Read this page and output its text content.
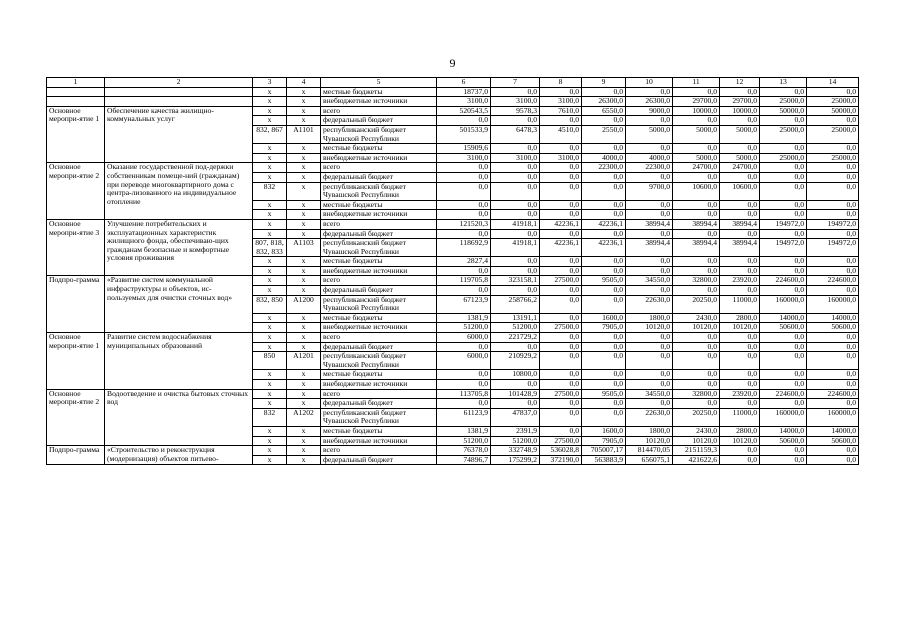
9
1	2	3	4	5	6	7	8	9	10	11	12	13	14
		х	х	местные бюджеты	18737,0	0,0	0,0	0,0	0,0	0,0	0,0	0,0	0,0
		х	х	внебюджетные источники	3100,0	3100,0	3100,0	26300,0	26300,0	29700,0	29700,0	25000,0	25000,0
Основное меропри-ятие 1	Обеспечение качества жилищно-коммунальных услуг	х	х	всего	520543,5	9578,3	7610,0	6550,0	9000,0	10000,0	10000,0	50000,0	50000,0
		х	х	федеральный бюджет	0,0	0,0	0,0	0,0	0,0	0,0	0,0	0,0	0,0
		832, 867	А1101	республиканский бюджет Чувашской Республики	501533,9	6478,3	4510,0	2550,0	5000,0	5000,0	5000,0	25000,0	25000,0
		х	х	местные бюджеты	15909,6	0,0	0,0	0,0	0,0	0,0	0,0	0,0	0,0
		х	х	внебюджетные источники	3100,0	3100,0	3100,0	4000,0	4000,0	5000,0	5000,0	25000,0	25000,0
Основное меропри-ятие 2	Оказание государственной под-держки собственникам помеще-ний (гражданам) при переводе многоквартирного дома с центра-лизованного на индивидуальное отопление	х	х	всего	0,0	0,0	0,0	22300,0	22300,0	24700,0	24700,0	0,0	0,0
		х	х	федеральный бюджет	0,0	0,0	0,0	0,0	0,0	0,0	0,0	0,0	0,0
		832	х	республиканский бюджет Чувашской Республики	0,0	0,0	0,0	0,0	9700,0	10600,0	10600,0	0,0	0,0
		х	х	местные бюджеты	0,0	0,0	0,0	0,0	0,0	0,0	0,0	0,0	0,0
		х	х	внебюджетные источники	0,0	0,0	0,0	0,0	0,0	0,0	0,0	0,0	0,0
Основное меропри-ятие 3	Улучшение потребительских и эксплуатационных характеристик жилищного фонда, обеспечиваю-щих гражданам безопасные и комфортные условия проживания	х	х	всего	121520,3	41918,1	42236,1	42236,1	38994,4	38994,4	38994,4	194972,0	194972,0
		х	х	федеральный бюджет	0,0	0,0	0,0	0,0	0,0	0,0	0,0	0,0	0,0
		807, 818, 832, 833	А1103	республиканский бюджет Чувашской Республики	118692,9	41918,1	42236,1	42236,1	38994,4	38994,4	38994,4	194972,0	194972,0
		х	х	местные бюджеты	2827,4	0,0	0,0	0,0	0,0	0,0	0,0	0,0	0,0
		х	х	внебюджетные источники	0,0	0,0	0,0	0,0	0,0	0,0	0,0	0,0	0,0
Подпро-грамма	«Развитие систем коммунальной инфраструктуры и объектов, ис-пользуемых для очистки сточных вод»	х	х	всего	119705,8	323158,1	27500,0	9505,0	34550,0	32800,0	23920,0	224600,0	224600,0
		х	х	федеральный бюджет	0,0	0,0	0,0	0,0	0,0	0,0	0,0	0,0	0,0
		832, 850	А1200	республиканский бюджет Чувашской Республики	67123,9	258766,2	0,0	0,0	22630,0	20250,0	11000,0	160000,0	160000,0
		х	х	местные бюджеты	1381,9	13191,1	0,0	1600,0	1800,0	2430,0	2800,0	14000,0	14000,0
		х	х	внебюджетные источники	51200,0	51200,0	27500,0	7905,0	10120,0	10120,0	10120,0	50600,0	50600,0
Основное меропри-ятие 1	Развитие систем водоснабжения муниципальных образований	х	х	всего	6000,0	221729,2	0,0	0,0	0,0	0,0	0,0	0,0	0,0
		х	х	федеральный бюджет	0,0	0,0	0,0	0,0	0,0	0,0	0,0	0,0	0,0
		850	А1201	республиканский бюджет Чувашской Республики	6000,0	210929,2	0,0	0,0	0,0	0,0	0,0	0,0	0,0
		х	х	местные бюджеты	0,0	10800,0	0,0	0,0	0,0	0,0	0,0	0,0	0,0
		х	х	внебюджетные источники	0,0	0,0	0,0	0,0	0,0	0,0	0,0	0,0	0,0
Основное меропри-ятие 2	Водоотведение и очистка бытовых сточных вод	х	х	всего	113705,8	101428,9	27500,0	9505,0	34550,0	32800,0	23920,0	224600,0	224600,0
		х	х	федеральный бюджет	0,0	0,0	0,0	0,0	0,0	0,0	0,0	0,0	0,0
		832	А1202	республиканский бюджет Чувашской Республики	61123,9	47837,0	0,0	0,0	22630,0	20250,0	11000,0	160000,0	160000,0
		х	х	местные бюджеты	1381,9	2391,9	0,0	1600,0	1800,0	2430,0	2800,0	14000,0	14000,0
		х	х	внебюджетные источники	51200,0	51200,0	27500,0	7905,0	10120,0	10120,0	10120,0	50600,0	50600,0
Подпро-грамма	«Строительство и реконструкция (модернизация) объектов питьево-	х	х	всего	76378,0	332748,9	536028,8	705007,17	814470,05	2151159,3	0,0	0,0	0,0
		х	х	федеральный бюджет	74896,7	175299,2	372190,0	563883,9	656075,1	421622,6	0,0	0,0	0,0
